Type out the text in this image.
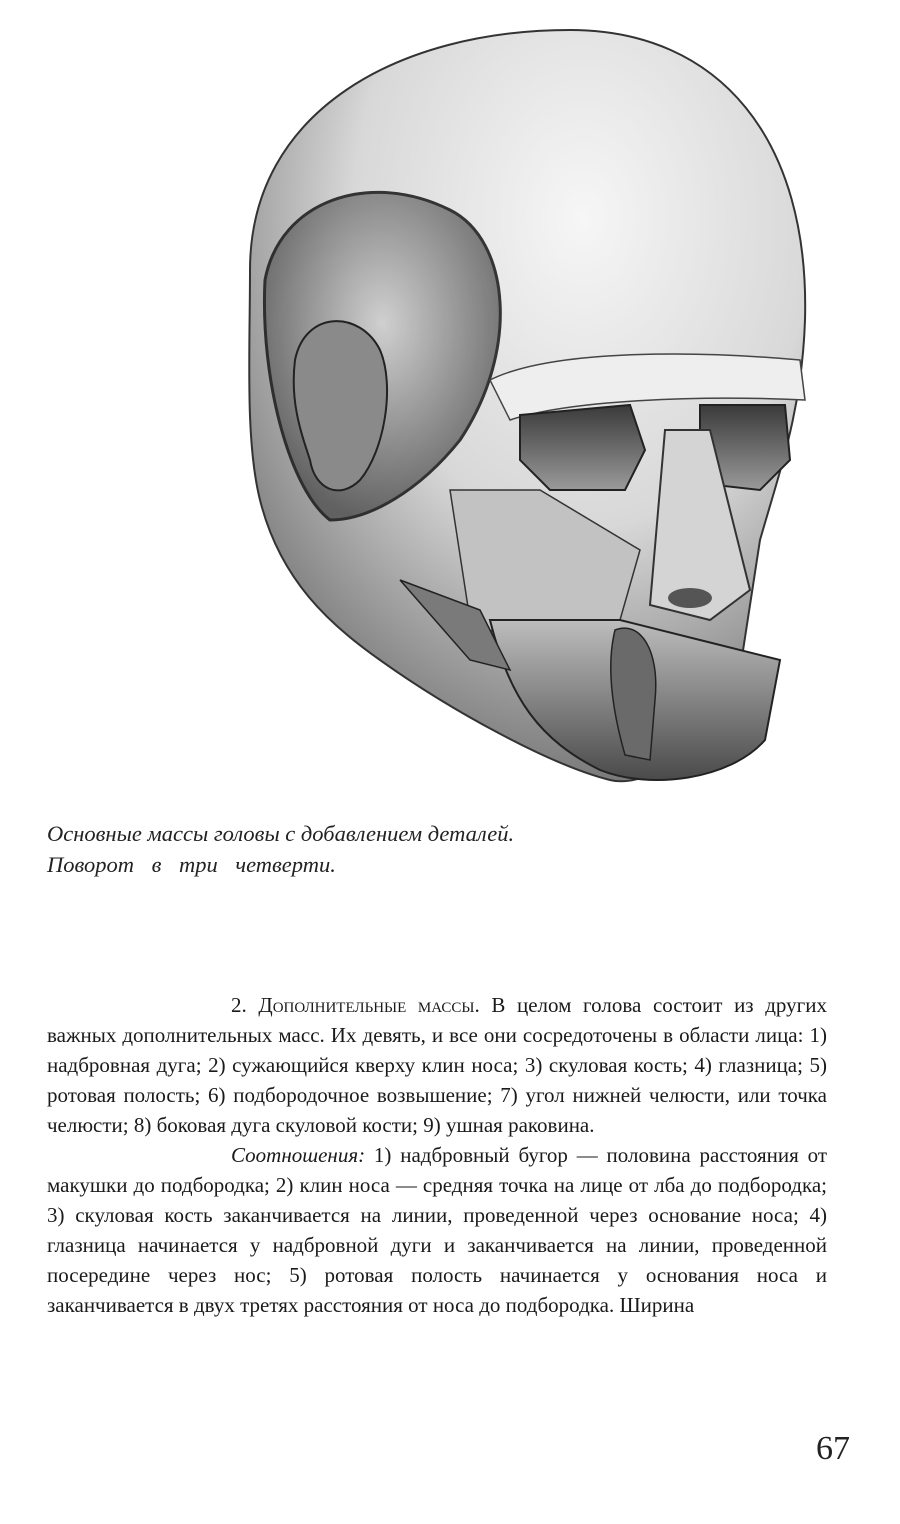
Основные массы головы с добавлением деталей.

Поворот в три четверти.

2. Дополнительные массы. В целом голова состоит из других важных дополнительных масс. Их девять, и все они сосредоточены в области лица: 1) надбровная дуга; 2) сужающийся кверху клин носа; 3) скуловая кость; 4) глазница; 5) ротовая полость; 6) подбородочное возвышение; 7) угол нижней челюсти, или точка челюсти; 8) боковая дуга скуловой кости; 9) ушная раковина.

Соотношения: 1) надбровный бугор — половина расстояния от макушки до подбородка; 2) клин носа — средняя точка на лице от лба до подбородка; 3) скуловая кость заканчивается на линии, проведенной через основание носа; 4) глазница начинается у надбровной дуги и заканчивается на линии, проведенной посередине через нос; 5) ротовая полость начинается у основания носа и заканчивается в двух третях расстояния от носа до подбородка. Ширина

67
